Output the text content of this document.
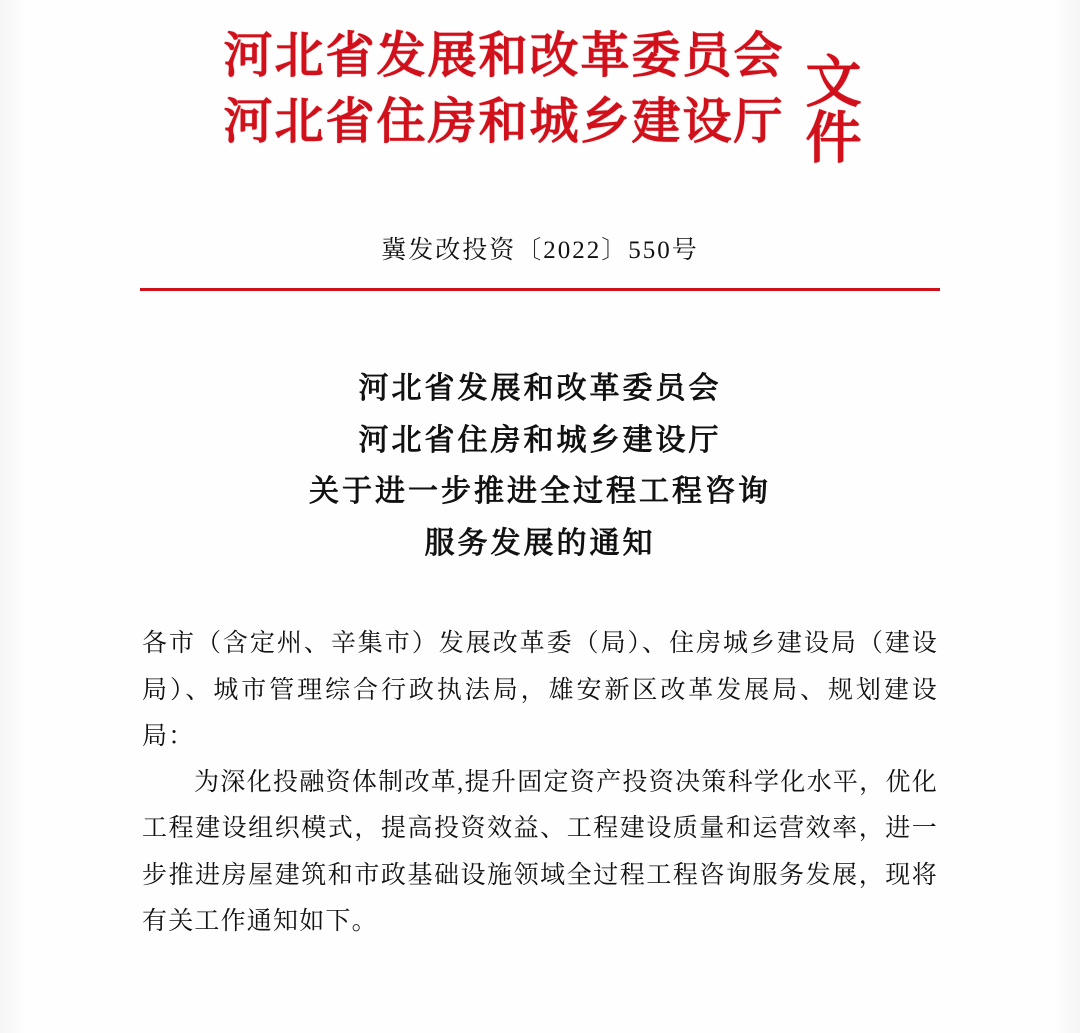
河北省发展和改革委员会
河北省住房和城乡建设厅 文件
冀发改投资〔2022〕550号
河北省发展和改革委员会
河北省住房和城乡建设厅
关于进一步推进全过程工程咨询
服务发展的通知
各市（含定州、辛集市）发展改革委（局）、住房城乡建设局（建设局）、城市管理综合行政执法局，雄安新区改革发展局、规划建设局：
为深化投融资体制改革,提升固定资产投资决策科学化水平，优化工程建设组织模式，提高投资效益、工程建设质量和运营效率，进一步推进房屋建筑和市政基础设施领域全过程工程咨询服务发展，现将有关工作通知如下。
